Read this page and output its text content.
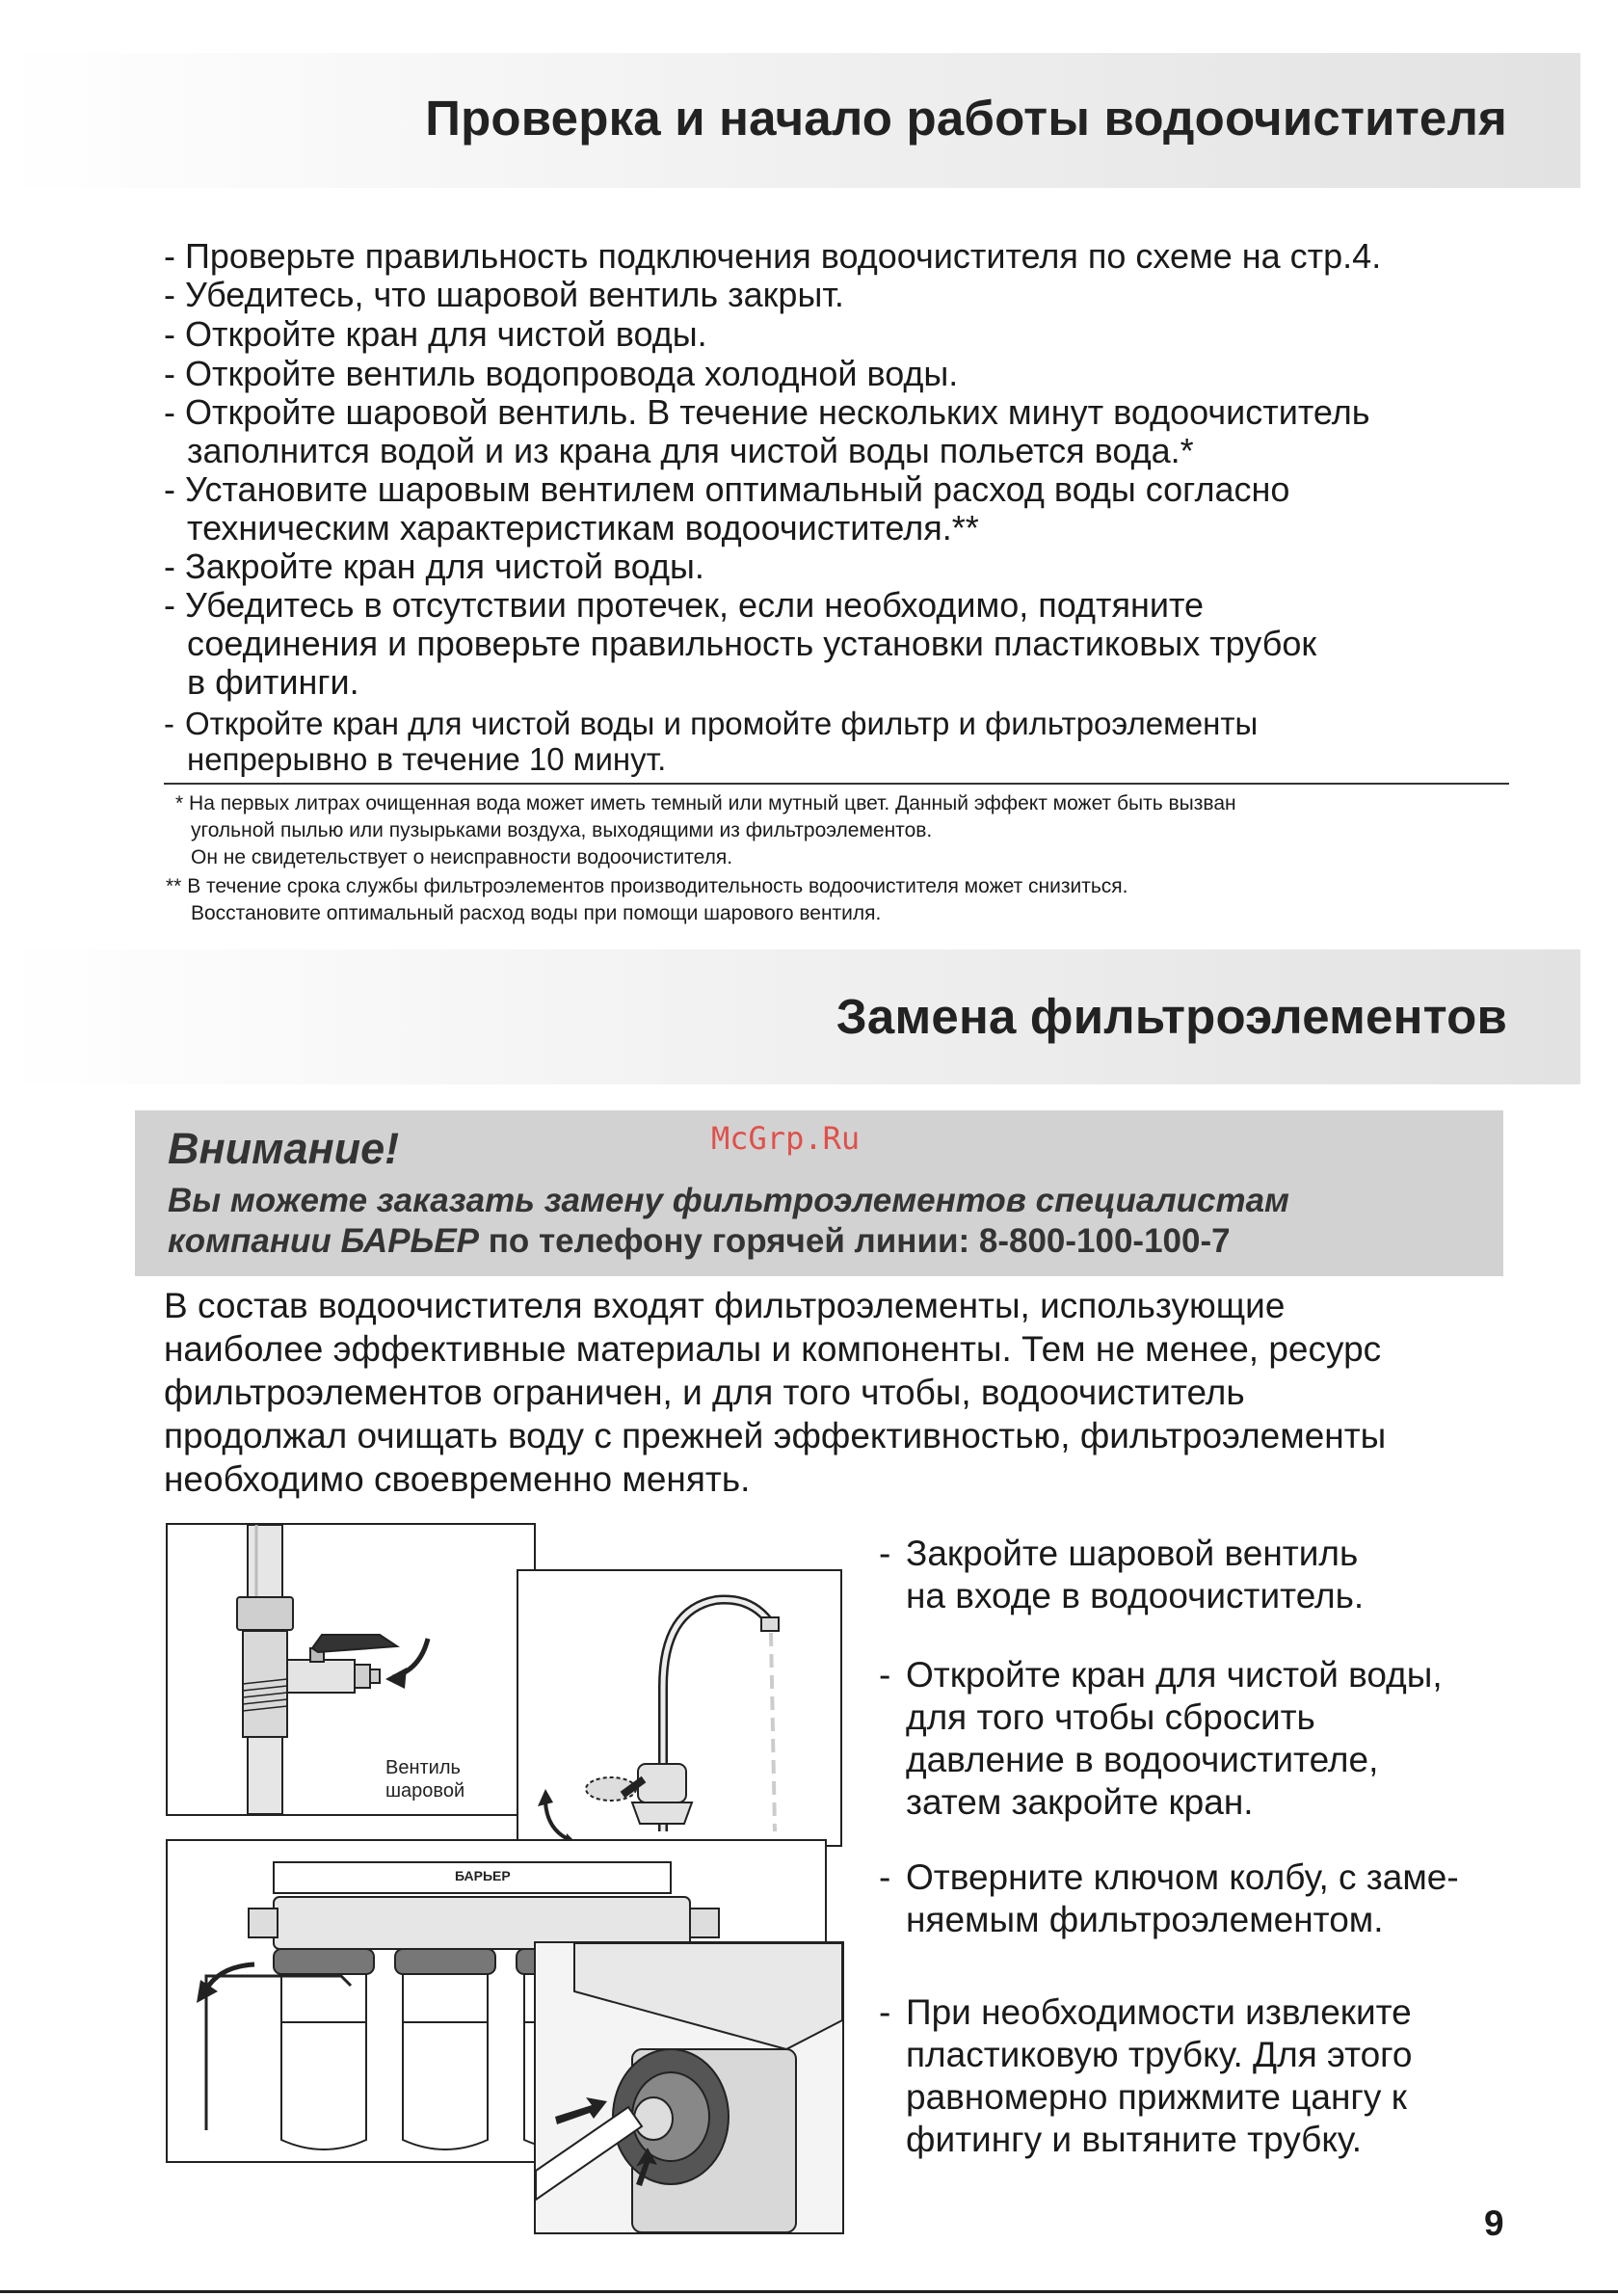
Проверка и начало работы водоочистителя
- Проверьте правильность подключения водоочистителя по схеме на стр.4.
- Убедитесь, что шаровой вентиль закрыт.
- Откройте кран для чистой воды.
- Откройте вентиль водопровода холодной воды.
- Откройте шаровой вентиль. В течение нескольких минут водоочиститель
заполнится водой и из крана для чистой воды польется вода.*
- Установите шаровым вентилем оптимальный расход воды согласно
техническим характеристикам водоочистителя.**
- Закройте кран для чистой воды.
- Убедитесь в отсутствии протечек, если необходимо, подтяните
соединения и проверьте правильность установки пластиковых трубок
в фитинги.
- Откройте кран для чистой воды и промойте фильтр и фильтроэлементы
непрерывно в течение 10 минут.
* На первых литрах очищенная вода может иметь темный или мутный цвет. Данный эффект может быть вызван
угольной пылью или пузырьками воздуха, выходящими из фильтроэлементов.
Он не свидетельствует о неисправности водоочистителя.
** В течение срока службы фильтроэлементов производительность водоочистителя может снизиться.
Восстановите оптимальный расход воды при помощи шарового вентиля.
Замена фильтроэлементов
Внимание!
Вы можете заказать замену фильтроэлементов специалистам
компании БАРЬЕР по телефону горячей линии: 8-800-100-100-7
McGrp.Ru
В состав водоочистителя входят фильтроэлементы, использующие
наиболее эффективные материалы и компоненты. Тем не менее, ресурс
фильтроэлементов ограничен, и для того чтобы, водоочиститель
продолжал очищать воду с прежней эффективностью, фильтроэлементы
необходимо своевременно менять.
Вентиль
шаровой
БАРЬЕР
- Закройте шаровой вентиль
на входе в водоочиститель.
- Откройте кран для чистой воды,
для того чтобы сбросить
давление в водоочистителе,
затем закройте кран.
- Отверните ключом колбу, с заме-
няемым фильтроэлементом.
- При необходимости извлеките
пластиковую трубку. Для этого
равномерно прижмите цангу к
фитингу и вытяните трубку.
9
